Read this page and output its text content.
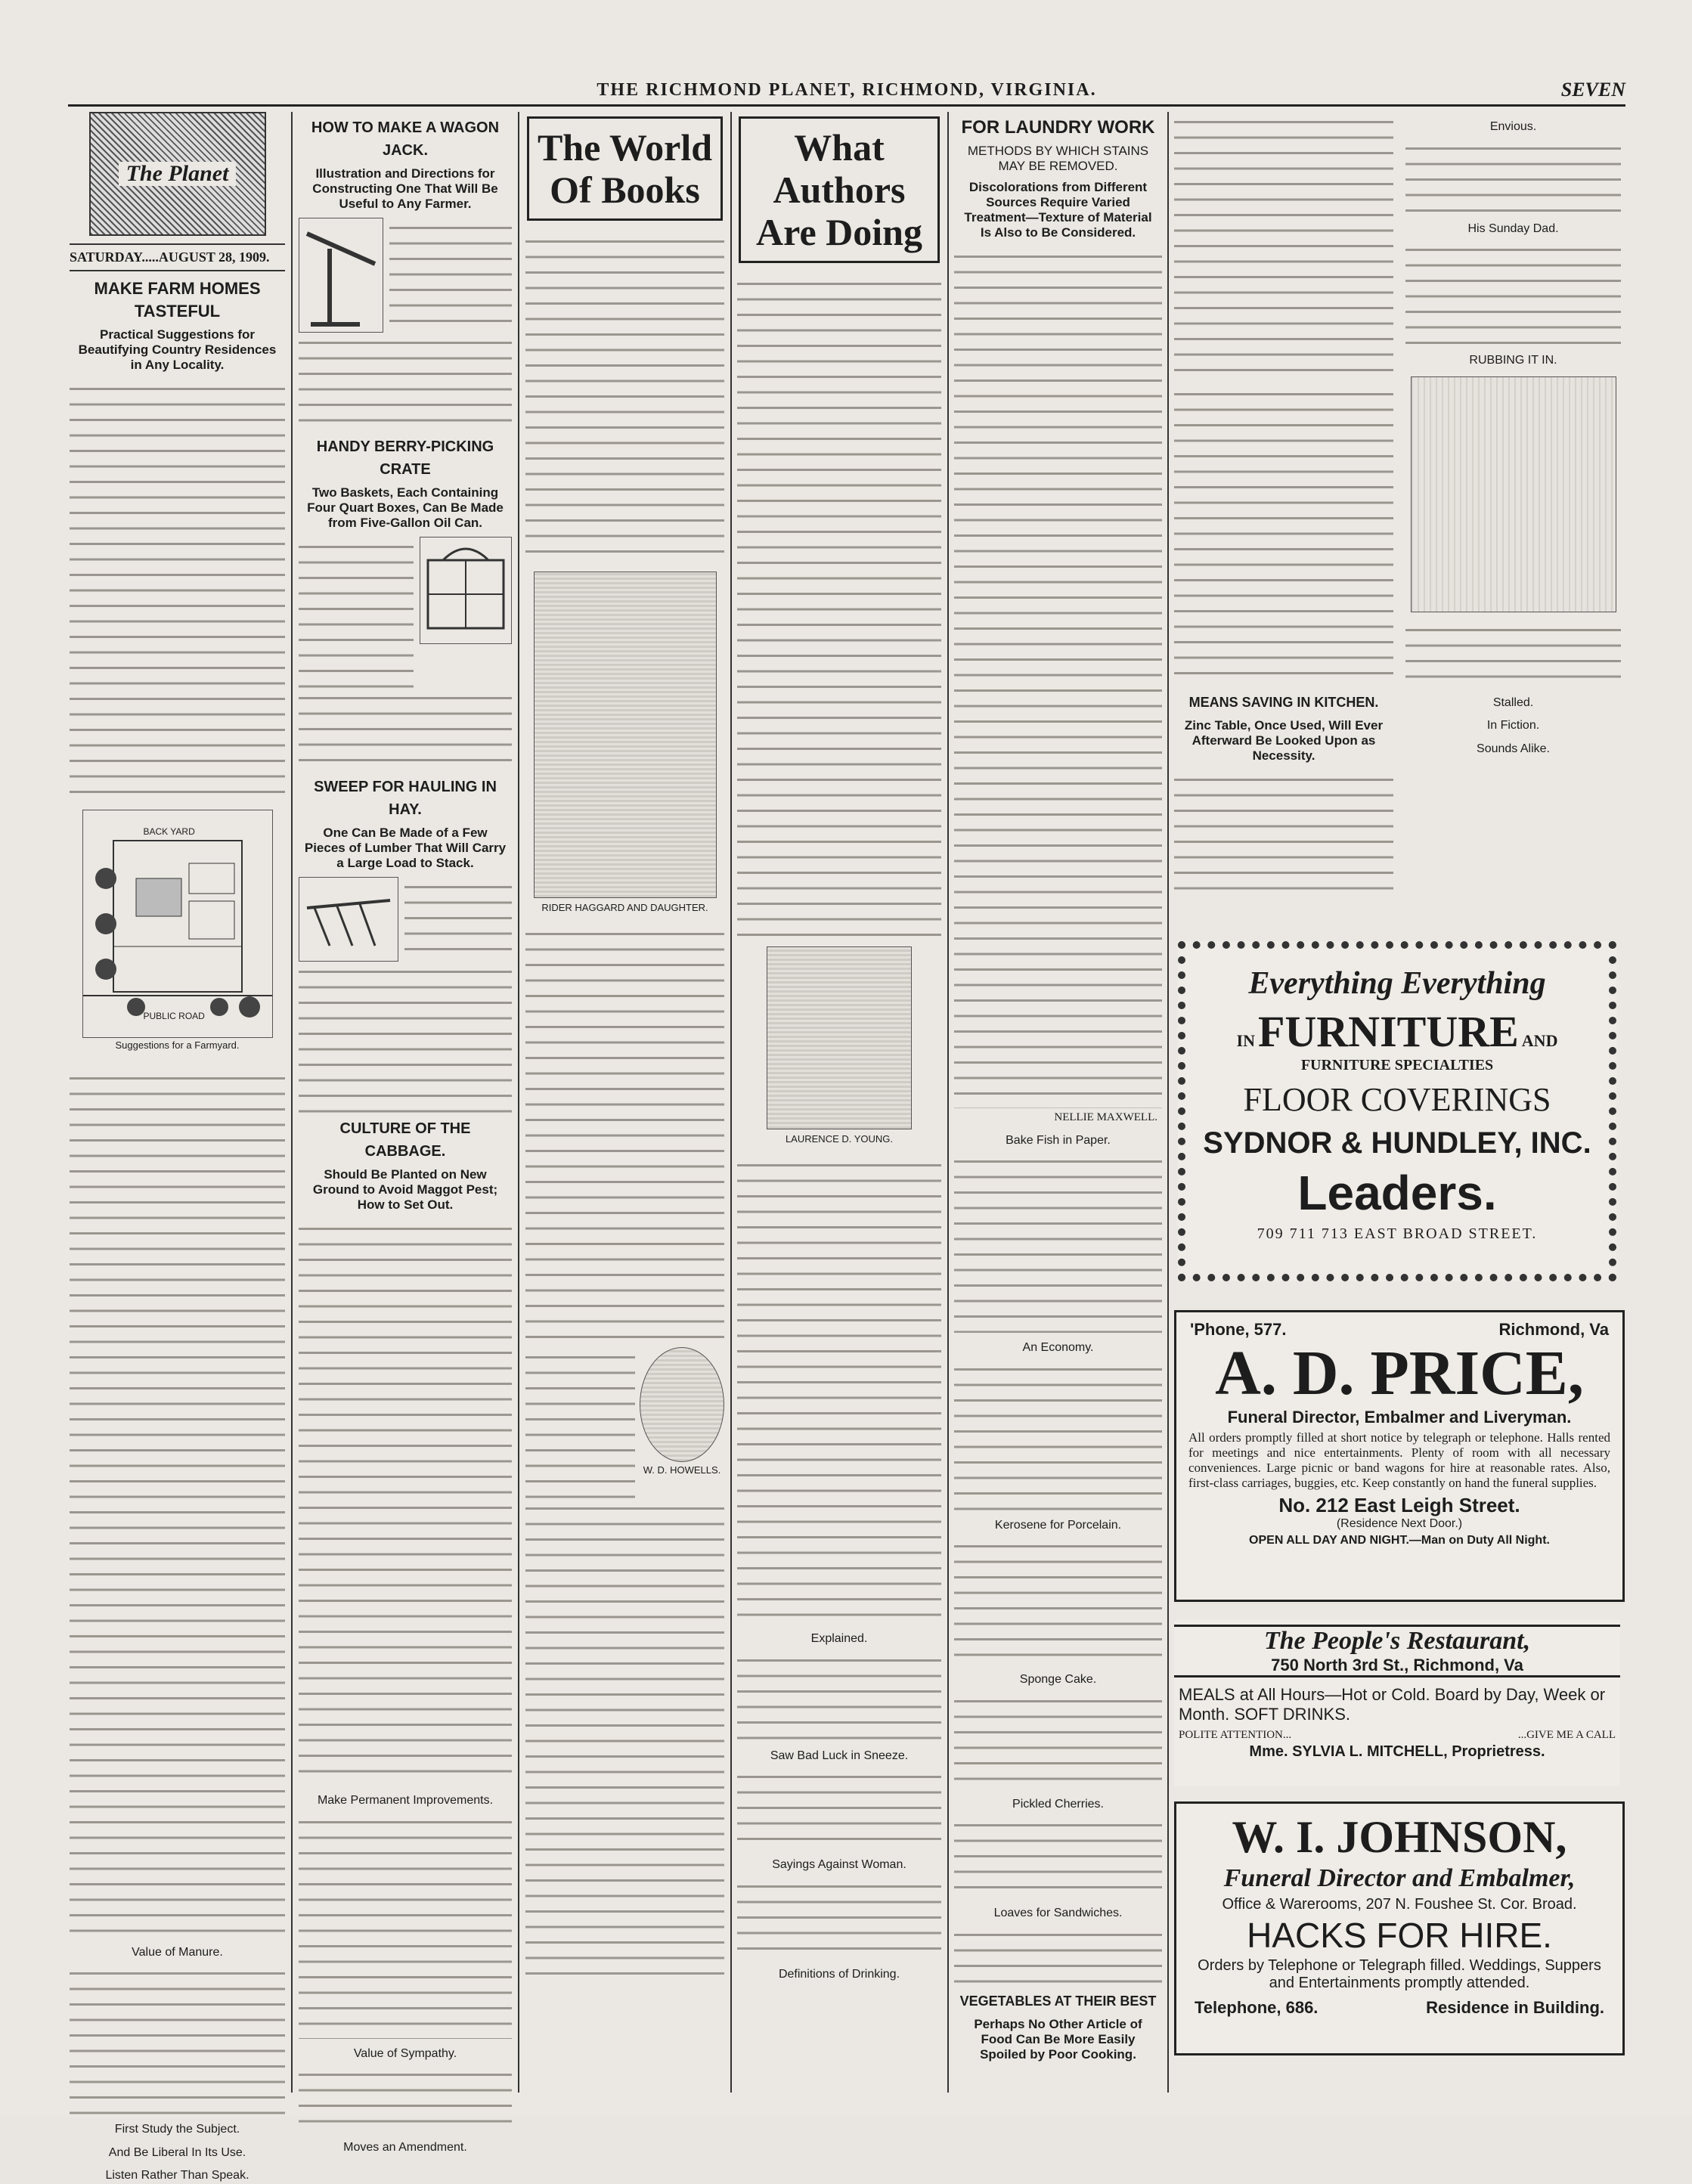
THE RICHMOND PLANET, RICHMOND, VIRGINIA.	SEVEN
The Planet
SATURDAY.....AUGUST 28, 1909.
MAKE FARM HOMES TASTEFUL
Practical Suggestions for Beautifying Country Residences in Any Locality.
BACK YARD
PUBLIC ROAD
Suggestions for a Farmyard.
Value of Manure.
First Study the Subject.
And Be Liberal In Its Use.
Listen Rather Than Speak.
HOW TO MAKE A WAGON JACK.
Illustration and Directions for Constructing One That Will Be Useful to Any Farmer.
HANDY BERRY-PICKING CRATE
Two Baskets, Each Containing Four Quart Boxes, Can Be Made from Five-Gallon Oil Can.
SWEEP FOR HAULING IN HAY.
One Can Be Made of a Few Pieces of Lumber That Will Carry a Large Load to Stack.
CULTURE OF THE CABBAGE.
Should Be Planted on New Ground to Avoid Maggot Pest; How to Set Out.
Make Permanent Improvements.
Value of Sympathy.
Moves an Amendment.
The World Of Books
RIDER HAGGARD AND DAUGHTER.
W. D. HOWELLS.
What Authors Are Doing
LAURENCE D. YOUNG.
Explained.
Saw Bad Luck in Sneeze.
Sayings Against Woman.
Definitions of Drinking.
FOR LAUNDRY WORK
METHODS BY WHICH STAINS MAY BE REMOVED.
Discolorations from Different Sources Require Varied Treatment—Texture of Material Is Also to Be Considered.
NELLIE MAXWELL.
Bake Fish in Paper.
An Economy.
Kerosene for Porcelain.
Sponge Cake.
Pickled Cherries.
Loaves for Sandwiches.
VEGETABLES AT THEIR BEST
Perhaps No Other Article of Food Can Be More Easily Spoiled by Poor Cooking.
MEANS SAVING IN KITCHEN.
Zinc Table, Once Used, Will Ever Afterward Be Looked Upon as Necessity.
Envious.
His Sunday Dad.
RUBBING IT IN.
Stalled.
In Fiction.
Sounds Alike.
Everything Everything
IN FURNITURE AND
FURNITURE SPECIALTIES
FLOOR COVERINGS
SYDNOR & HUNDLEY, INC.
Leaders.
709 711 713 EAST BROAD STREET.
'Phone, 577.	Richmond, Va
A. D. PRICE,
Funeral Director, Embalmer and Liveryman.
All orders promptly filled at short notice by telegraph or telephone. Halls rented for meetings and nice entertainments. Plenty of room with all necessary conveniences. Large picnic or band wagons for hire at reasonable rates. Also, first-class carriages, buggies, etc. Keep constantly on hand the funeral supplies.
No. 212 East Leigh Street.
(Residence Next Door.)
OPEN ALL DAY AND NIGHT.—Man on Duty All Night.
The People's Restaurant,
750 North 3rd St., Richmond, Va
MEALS at All Hours—Hot or Cold. Board by Day, Week or Month. SOFT DRINKS.
POLITE ATTENTION...	...GIVE ME A CALL
Mme. SYLVIA L. MITCHELL, Proprietress.
W. I. JOHNSON,
Funeral Director and Embalmer,
Office & Warerooms, 207 N. Foushee St. Cor. Broad.
HACKS FOR HIRE.
Orders by Telephone or Telegraph filled. Weddings, Suppers and Entertainments promptly attended.
Telephone, 686.	Residence in Building.
